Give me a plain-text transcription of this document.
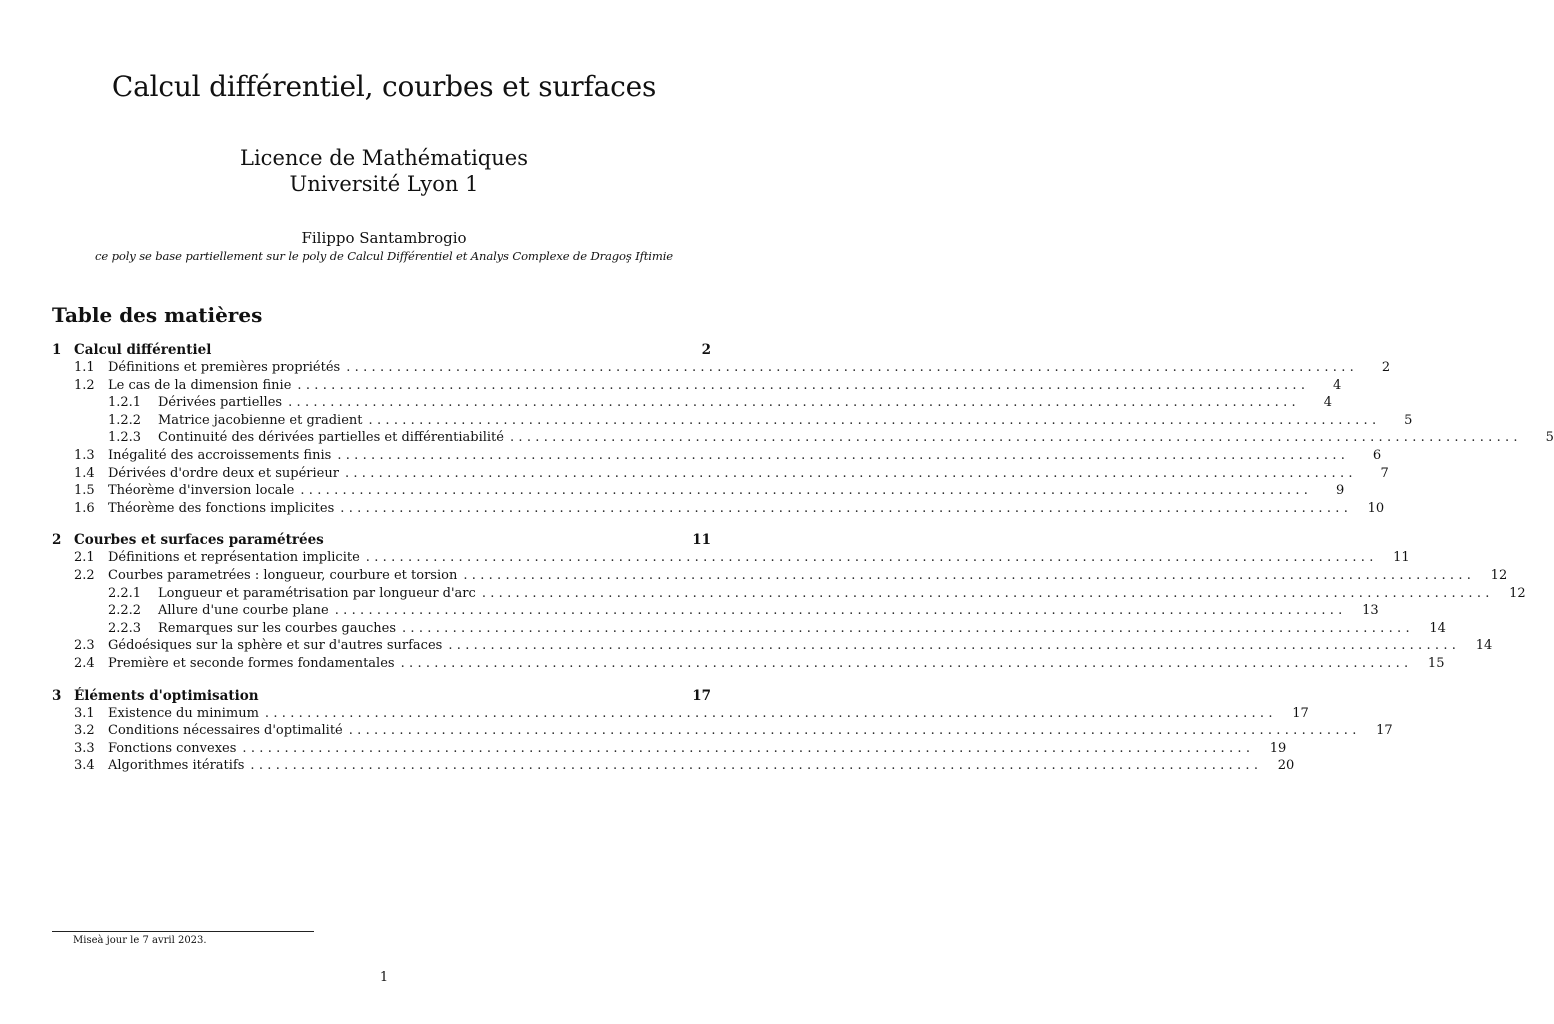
Calcul différentiel, courbes et surfaces
Licence de Mathématiques
Université Lyon 1
Filippo Santambrogio
ce poly se base partiellement sur le poly de Calcul Différentiel et Analys Complexe de Dragoş Iftimie
Table des matières
1 Calcul différentiel	2
1.1	Définitions et premières propriétés ........................................................................................................................	2
1.2	Le cas de la dimension finie ........................................................................................................................	4
1.2.1	Dérivées partielles ........................................................................................................................	4
1.2.2	Matrice jacobienne et gradient ........................................................................................................................	5
1.2.3	Continuité des dérivées partielles et différentiabilité ........................................................................................................................	5
1.3	Inégalité des accroissements finis ........................................................................................................................	6
1.4	Dérivées d'ordre deux et supérieur ........................................................................................................................	7
1.5	Théorème d'inversion locale ........................................................................................................................	9
1.6	Théorème des fonctions implicites ........................................................................................................................	10
2 Courbes et surfaces paramétrées	11
2.1	Définitions et représentation implicite ........................................................................................................................	11
2.2	Courbes parametrées : longueur, courbure et torsion ........................................................................................................................	12
2.2.1	Longueur et paramétrisation par longueur d'arc ........................................................................................................................	12
2.2.2	Allure d'une courbe plane ........................................................................................................................	13
2.2.3	Remarques sur les courbes gauches ........................................................................................................................	14
2.3	Gédoésiques sur la sphère et sur d'autres surfaces ........................................................................................................................	14
2.4	Première et seconde formes fondamentales ........................................................................................................................	15
3 Éléments d'optimisation	17
3.1	Existence du minimum ........................................................................................................................	17
3.2	Conditions nécessaires d'optimalité ........................................................................................................................	17
3.3	Fonctions convexes ........................................................................................................................	19
3.4	Algorithmes itératifs ........................................................................................................................	20
Miseà jour le 7 avril 2023.
1
